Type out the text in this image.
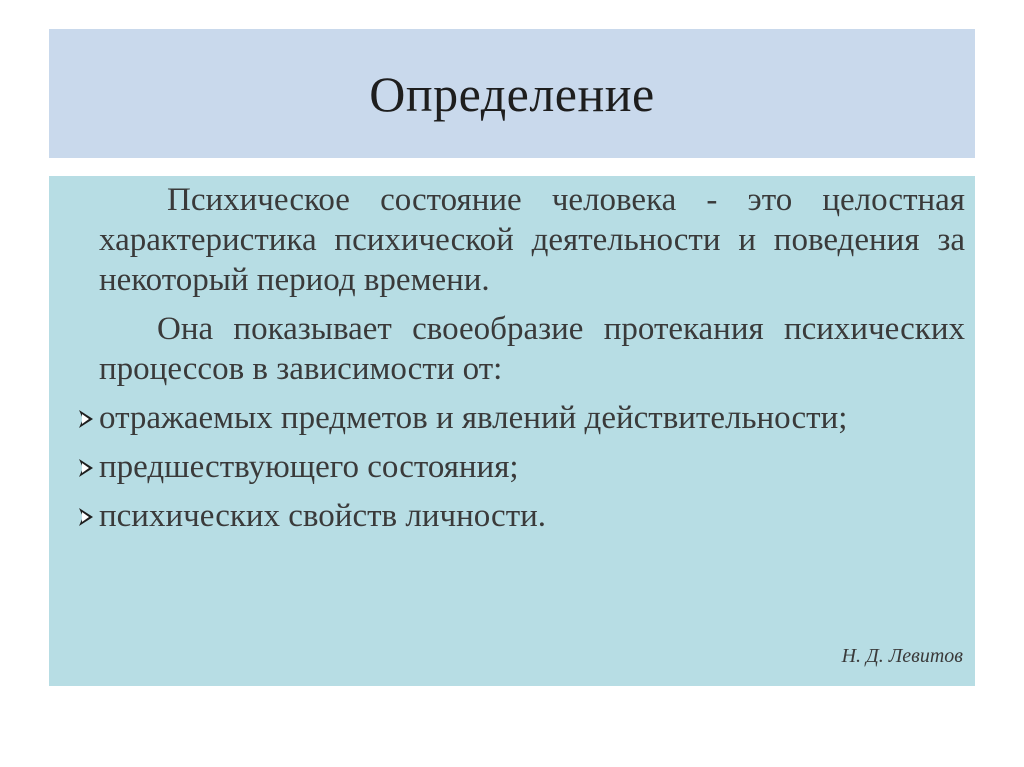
Определение

Психическое состояние человека - это целостная характеристика психической деятельности и поведения за некоторый период времени.

Она показывает своеобразие протекания психических процессов в зависимости от:

отражаемых предметов и явлений действительности;
предшествующего состояния;
психических свойств личности.
Н. Д. Левитов
